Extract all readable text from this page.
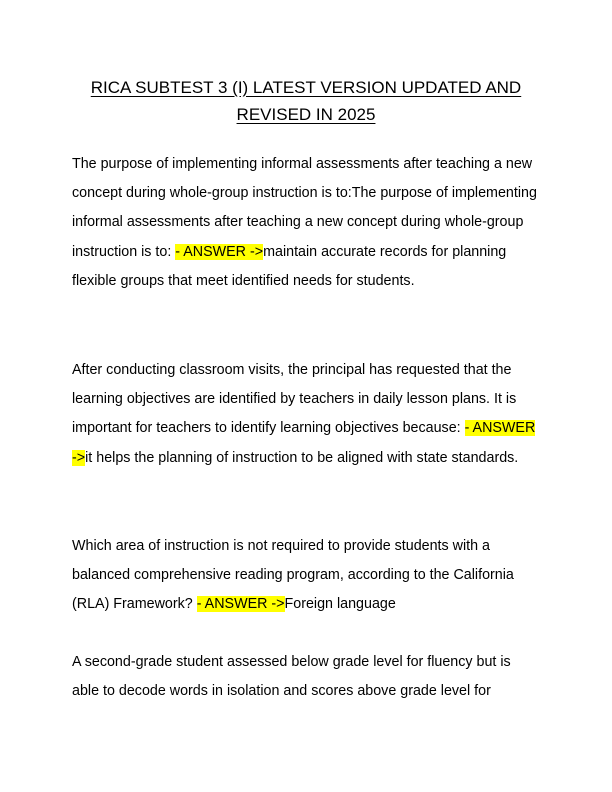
RICA SUBTEST 3 (I) LATEST VERSION UPDATED AND REVISED IN 2025

The purpose of implementing informal assessments after teaching a new concept during whole-group instruction is to:The purpose of implementing informal assessments after teaching a new concept during whole-group instruction is to: - ANSWER ->maintain accurate records for planning flexible groups that meet identified needs for students.

After conducting classroom visits, the principal has requested that the learning objectives are identified by teachers in daily lesson plans. It is important for teachers to identify learning objectives because: - ANSWER ->it helps the planning of instruction to be aligned with state standards.

Which area of instruction is not required to provide students with a balanced comprehensive reading program, according to the California (RLA) Framework? - ANSWER ->Foreign language

A second-grade student assessed below grade level for fluency but is able to decode words in isolation and scores above grade level for
